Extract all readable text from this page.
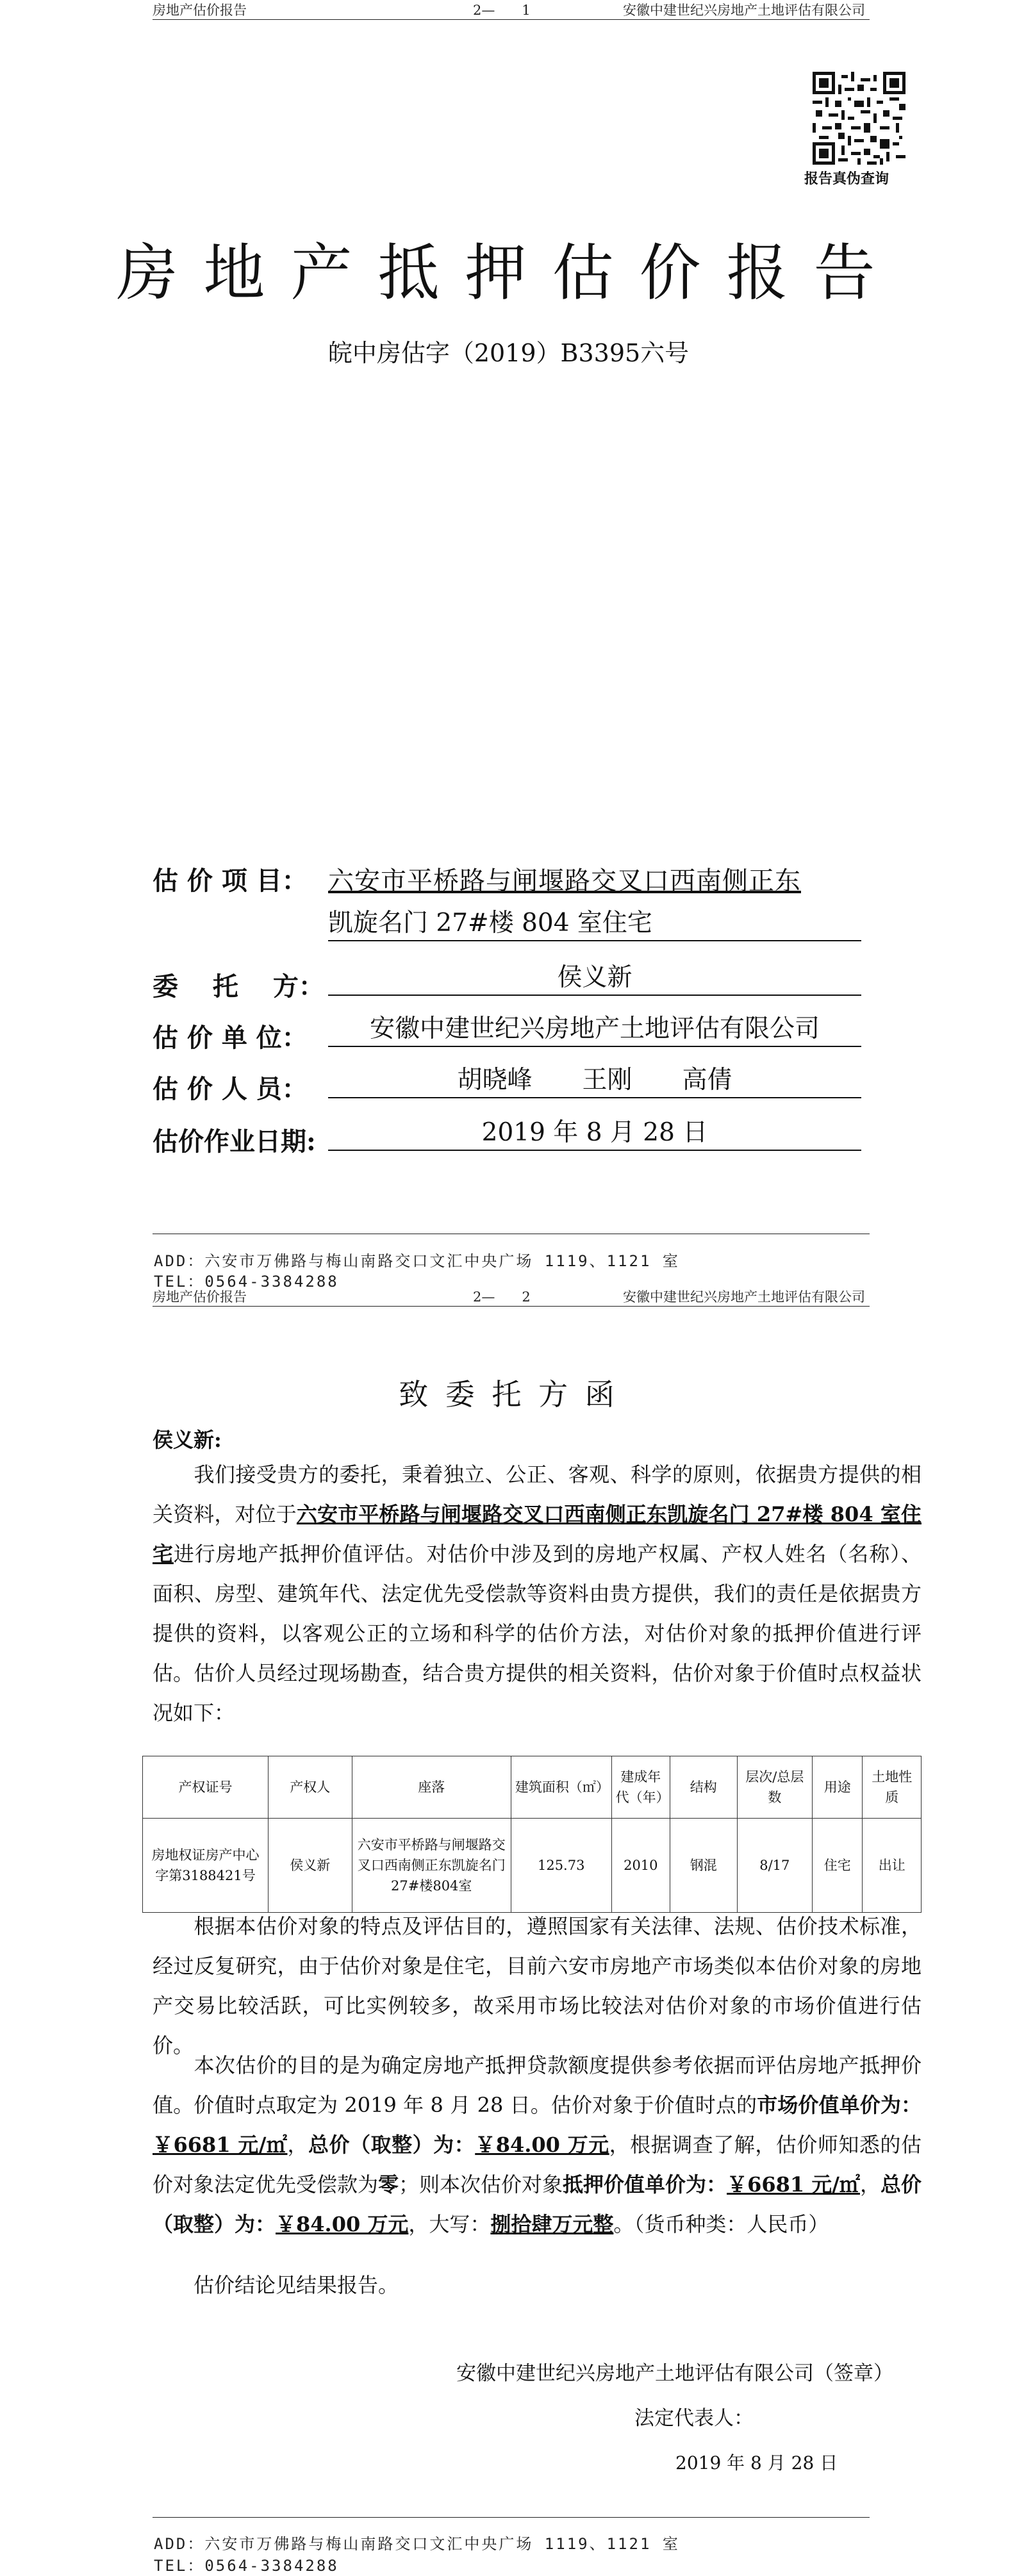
房地产估价报告	2—　　1	安徽中建世纪兴房地产土地评估有限公司
报告真伪查询
房地产抵押估价报告
皖中房估字（2019）B3395六号
估 价 项 目： 六安市平桥路与闸堰路交叉口西南侧正东
凯旋名门 27#楼 804 室住宅
委　 托　 方：	侯义新
估 价 单 位：	安徽中建世纪兴房地产土地评估有限公司
估 价 人 员：	胡晓峰　　王刚　　高倩
估价作业日期:	2019 年 8 月 28 日
ADD：六安市万佛路与梅山南路交口文汇中央广场 1119、1121 室
TEL：0564-3384288
房地产估价报告	2—　　2	安徽中建世纪兴房地产土地评估有限公司
致 委 托 方 函
侯义新:
我们接受贵方的委托，秉着独立、公正、客观、科学的原则，依据贵方提供的相关资料，对位于六安市平桥路与闸堰路交叉口西南侧正东凯旋名门 27#楼 804 室住宅进行房地产抵押价值评估。对估价中涉及到的房地产权属、产权人姓名（名称）、面积、房型、建筑年代、法定优先受偿款等资料由贵方提供，我们的责任是依据贵方提供的资料，以客观公正的立场和科学的估价方法，对估价对象的抵押价值进行评估。 估价人员经过现场勘查，结合贵方提供的相关资料，估价对象于价值时点权益状况如下：
产权证号	产权人	座落	建筑面积（㎡）	建成年代（年）	结构	层次/总层数	用途	土地性质
房地权证房产中心字第3188421号	侯义新	六安市平桥路与闸堰路交叉口西南侧正东凯旋名门27#楼804室	125.73	2010	钢混	8/17	住宅	出让
根据本估价对象的特点及评估目的，遵照国家有关法律、法规、估价技术标准，经过反复研究，由于估价对象是住宅，目前六安市房地产市场类似本估价对象的房地产交易比较活跃，可比实例较多，故采用市场比较法对估价对象的市场价值进行估价。
本次估价的目的是为确定房地产抵押贷款额度提供参考依据而评估房地产抵押价值。价值时点取定为 2019 年 8 月 28 日。估价对象于价值时点的市场价值单价为：￥6681 元/㎡，总价（取整）为：￥84.00 万元，根据调查了解，估价师知悉的估价对象法定优先受偿款为零；则本次估价对象抵押价值单价为：￥6681 元/㎡，总价（取整）为：￥84.00 万元，大写：捌拾肆万元整。（货币种类：人民币）
估价结论见结果报告。
安徽中建世纪兴房地产土地评估有限公司（签章）
法定代表人：
2019 年 8 月 28 日
ADD：六安市万佛路与梅山南路交口文汇中央广场 1119、1121 室
TEL：0564-3384288
